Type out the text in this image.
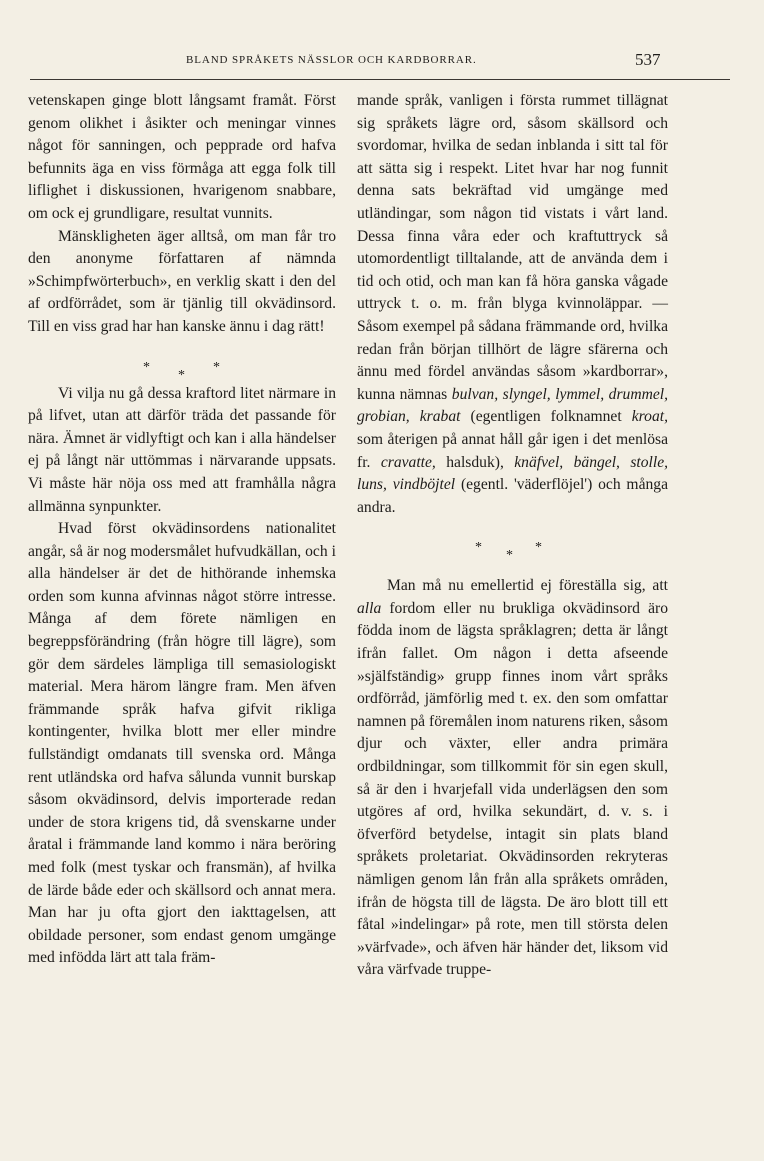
BLAND SPRÅKETS NÄSSLOR OCH KARDBORRAR.	537

vetenskapen ginge blott långsamt framåt. Först genom olikhet i åsikter och meningar vinnes något för sanningen, och pepprade ord hafva befunnits äga en viss förmåga att egga folk till liflighet i diskussionen, hvarigenom snabbare, om ock ej grundligare, resultat vunnits.

Mänskligheten äger alltså, om man får tro den anonyme författaren af nämnda »Schimpfwörterbuch», en verklig skatt i den del af ordförrådet, som är tjänlig till okvädinsord. Till en viss grad har han kanske ännu i dag rätt!

*
*
*

Vi vilja nu gå dessa kraftord litet närmare in på lifvet, utan att därför träda det passande för nära. Ämnet är vidlyftigt och kan i alla händelser ej på långt när uttömmas i närvarande uppsats. Vi måste här nöja oss med att framhålla några allmänna synpunkter.

Hvad först okvädinsordens nationalitet angår, så är nog modersmålet hufvudkällan, och i alla händelser är det de hithörande inhemska orden som kunna afvinnas något större intresse. Många af dem förete nämligen en begreppsförändring (från högre till lägre), som gör dem särdeles lämpliga till semasiologiskt material. Mera härom längre fram. Men äfven främmande språk hafva gifvit rikliga kontingenter, hvilka blott mer eller mindre fullständigt omdanats till svenska ord. Många rent utländska ord hafva sålunda vunnit burskap såsom okvädinsord, delvis importerade redan under de stora krigens tid, då svenskarne under åratal i främmande land kommo i nära beröring med folk (mest tyskar och fransmän), af hvilka de lärde både eder och skällsord och annat mera. Man har ju ofta gjort den iakttagelsen, att obildade personer, som endast genom umgänge med infödda lärt att tala främ-

mande språk, vanligen i första rummet tillägnat sig språkets lägre ord, såsom skällsord och svordomar, hvilka de sedan inblanda i sitt tal för att sätta sig i respekt. Litet hvar har nog funnit denna sats bekräftad vid umgänge med utländingar, som någon tid vistats i vårt land. Dessa finna våra eder och kraftuttryck så utomordentligt tilltalande, att de använda dem i tid och otid, och man kan få höra ganska vågade uttryck t. o. m. från blyga kvinnoläppar. — Såsom exempel på sådana främmande ord, hvilka redan från början tillhört de lägre sfärerna och ännu med fördel användas såsom »kardborrar», kunna nämnas bulvan, slyngel, lymmel, drummel, grobian, krabat (egentligen folknamnet kroat, som återigen på annat håll går igen i det menlösa fr. cravatte, halsduk), knäfvel, bängel, stolle, luns, vindböjtel (egentl. 'väderflöjel') och många andra.

*
*
*

Man må nu emellertid ej föreställa sig, att alla fordom eller nu brukliga okvädinsord äro födda inom de lägsta språklagren; detta är långt ifrån fallet. Om någon i detta afseende »själfständig» grupp finnes inom vårt språks ordförråd, jämförlig med t. ex. den som omfattar namnen på föremålen inom naturens riken, såsom djur och växter, eller andra primära ordbildningar, som tillkommit för sin egen skull, så är den i hvarjefall vida underlägsen den som utgöres af ord, hvilka sekundärt, d. v. s. i öfverförd betydelse, intagit sin plats bland språkets proletariat. Okvädinsorden rekryteras nämligen genom lån från alla språkets områden, ifrån de högsta till de lägsta. De äro blott till ett fåtal »indelingar» på rote, men till största delen »värfvade», och äfven här händer det, liksom vid våra värfvade truppe-
